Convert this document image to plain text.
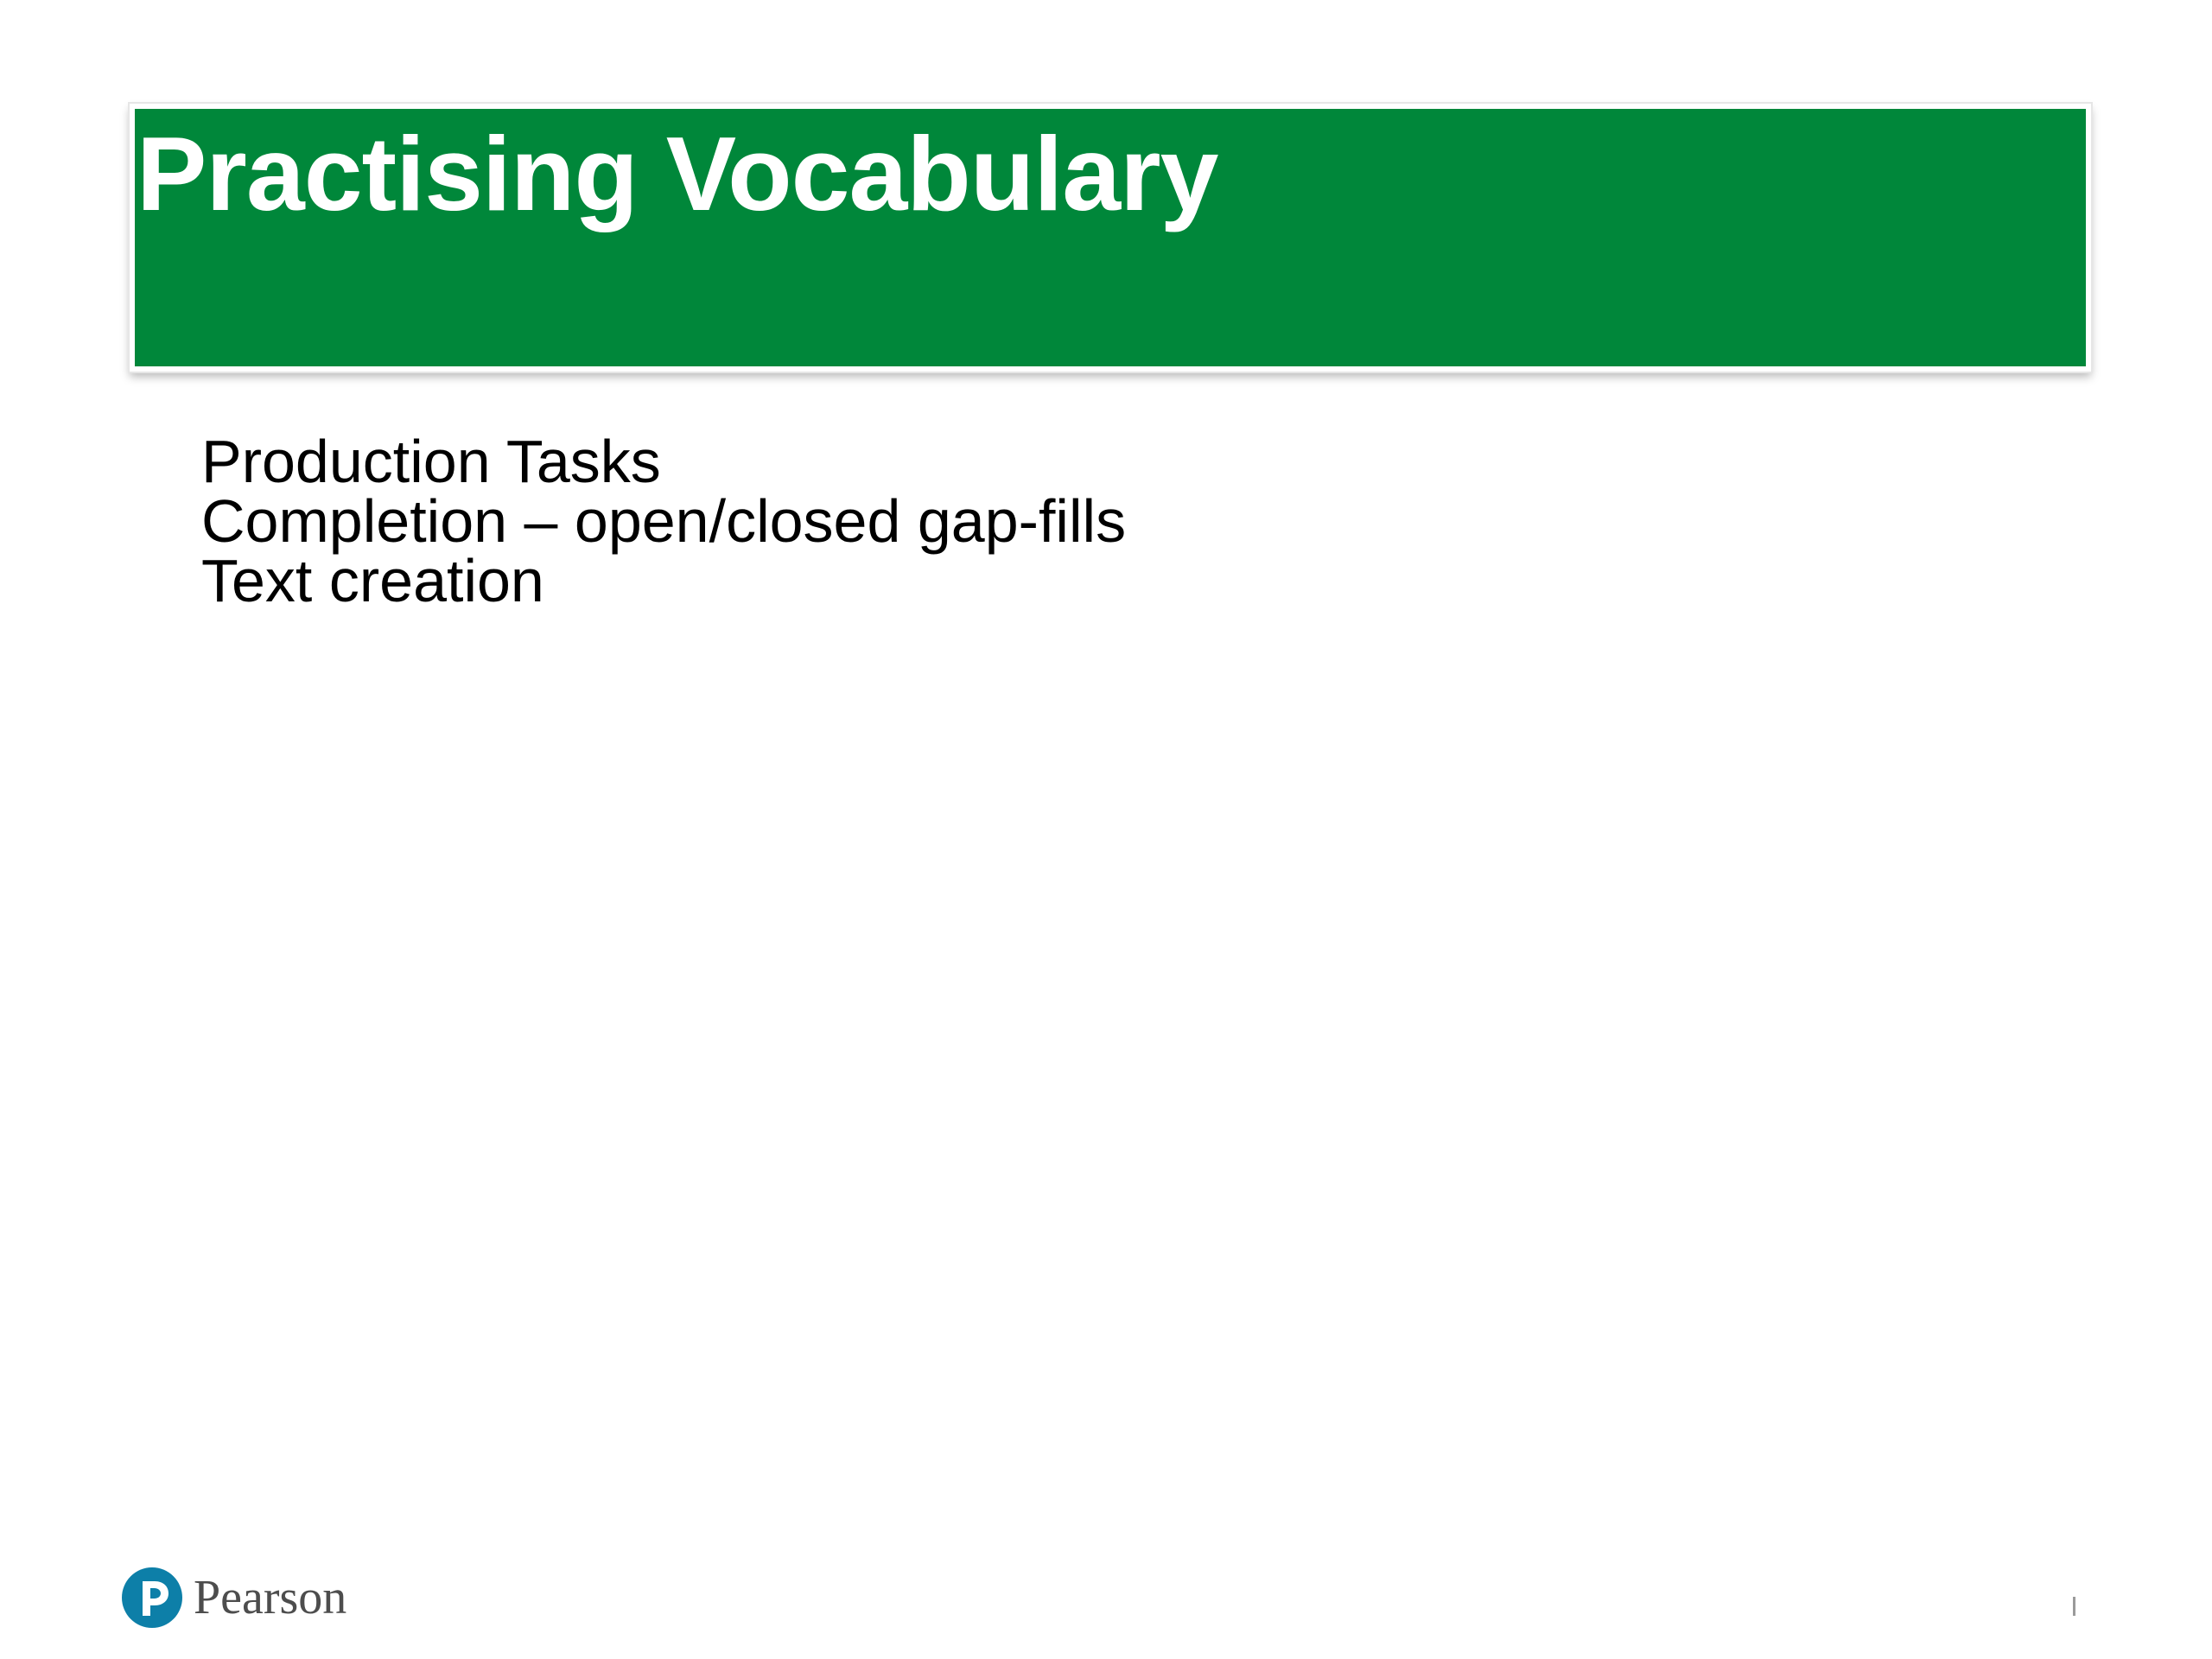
Practising Vocabulary
Production Tasks
Completion – open/closed gap-fills
Text creation
Pearson
